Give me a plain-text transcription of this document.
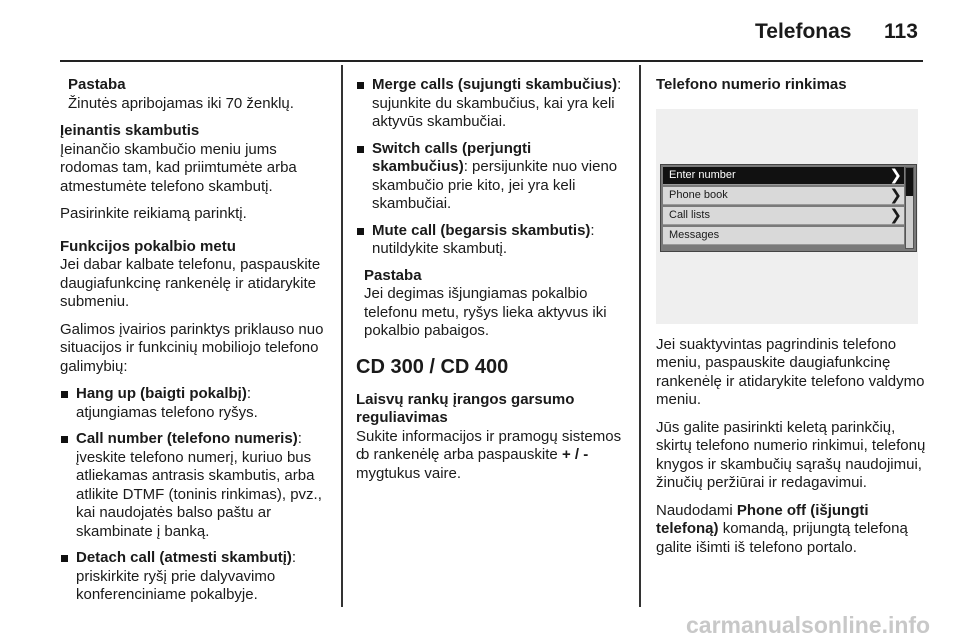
Telefonas 113
Pastaba
Žinutės apribojamas iki 70 ženklų.
Įeinantis skambutis

Įeinančio skambučio meniu jums rodomas tam, kad priimtumėte arba atmestumėte telefono skambutį.

Pasirinkite reikiamą parinktį.

Funkcijos pokalbio metu

Jei dabar kalbate telefonu, paspauskite daugiafunkcinę rankenėlę ir atidarykite submeniu.

Galimos įvairios parinktys priklauso nuo situacijos ir funkcinių mobiliojo telefono galimybių:

Hang up (baigti pokalbį):
atjungiamas telefono ryšys.
Call number (telefono numeris):
įveskite telefono numerį, kuriuo bus atliekamas antrasis skambutis, arba atlikite DTMF (toninis rinkimas), pvz., kai naudojatės balso paštu ar skambinate į banką.
Detach call (atmesti skambutį):
priskirkite ryšį prie dalyvavimo konferenciniame pokalbyje.
Merge calls (sujungti skambučius):
sujunkite du skambučius, kai yra keli aktyvūs skambučiai.
Switch calls (perjungti skambučius): persijunkite nuo vieno skambučio prie kito, jei yra keli skambučiai.
Mute call (begarsis skambutis):
nutildykite skambutį.
Pastaba
Jei degimas išjungiamas pokalbio telefonu metu, ryšys lieka aktyvus iki pokalbio pabaigos.
CD 300 / CD 400
Laisvų rankų įrangos garsumo reguliavimas

Sukite informacijos ir pramogų sistemos ȸ rankenėlę arba paspauskite + / - mygtukus vaire.

Telefono numerio rinkimas
Enter number	❯
Phone book	❯
Call lists	❯
Messages

Jei suaktyvintas pagrindinis telefono meniu, paspauskite daugiafunkcinę rankenėlę ir atidarykite telefono valdymo meniu.

Jūs galite pasirinkti keletą parinkčių, skirtų telefono numerio rinkimui, telefonų knygos ir skambučių sąrašų naudojimui, žinučių peržiūrai ir redagavimui.

Naudodami Phone off (išjungti telefoną) komandą, prijungtą telefoną galite išimti iš telefono portalo.

carmanualsonline.info
